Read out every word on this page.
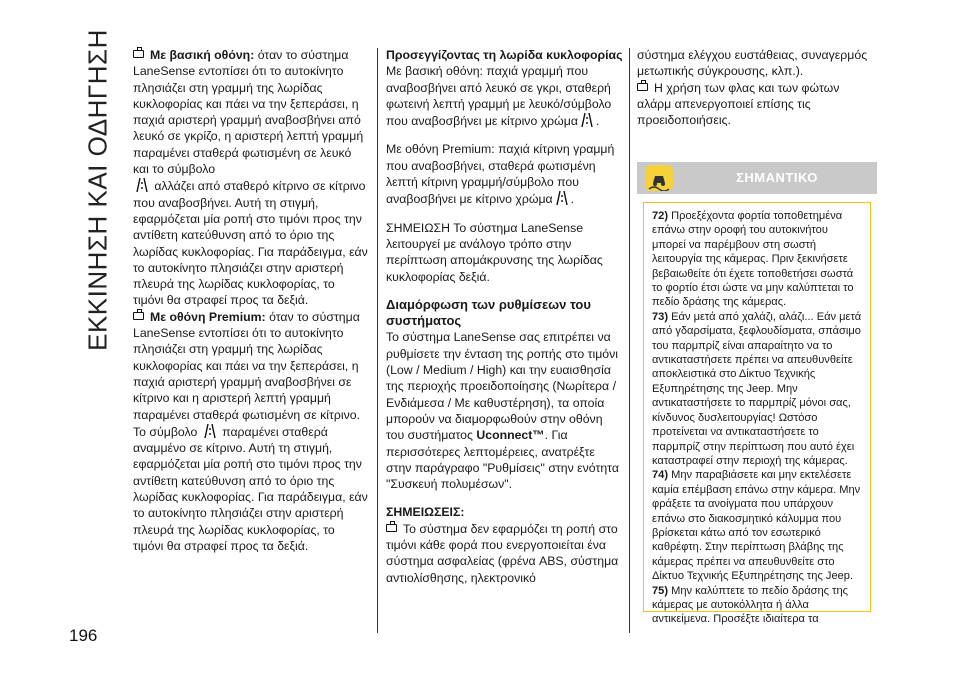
ΕΚΚΙΝΗΣΗ ΚΑΙ ΟΔΗΓΗΣΗ
196

Με βασική οθόνη: όταν το σύστημα LaneSense εντοπίσει ότι το αυτοκίνητο πλησιάζει στη γραμμή της λωρίδας κυκλοφορίας και πάει να την ξεπεράσει, η παχιά αριστερή γραμμή αναβοσβήνει από λευκό σε γκρίζο, η αριστερή λεπτή γραμμή παραμένει σταθερά φωτισμένη σε λευκό και το σύμβολο
αλλάζει από σταθερό κίτρινο σε κίτρινο που αναβοσβήνει. Αυτή τη στιγμή, εφαρμόζεται μία ροπή στο τιμόνι προς την αντίθετη κατεύθυνση από το όριο της λωρίδας κυκλοφορίας. Για παράδειγμα, εάν το αυτοκίνητο πλησιάζει στην αριστερή πλευρά της λωρίδας κυκλοφορίας, το τιμόνι θα στραφεί προς τα δεξιά.

Με οθόνη Premium: όταν το σύστημα LaneSense εντοπίσει ότι το αυτοκίνητο πλησιάζει στη γραμμή της λωρίδας κυκλοφορίας και πάει να την ξεπεράσει, η παχιά αριστερή γραμμή αναβοσβήνει σε κίτρινο και η αριστερή λεπτή γραμμή παραμένει σταθερά φωτισμένη σε κίτρινο. Το σύμβολο παραμένει σταθερά αναμμένο σε κίτρινο. Αυτή τη στιγμή, εφαρμόζεται μία ροπή στο τιμόνι προς την αντίθετη κατεύθυνση από το όριο της λωρίδας κυκλοφορίας. Για παράδειγμα, εάν το αυτοκίνητο πλησιάζει στην αριστερή πλευρά της λωρίδας κυκλοφορίας, το τιμόνι θα στραφεί προς τα δεξιά.

Προσεγγίζοντας τη λωρίδα κυκλοφορίας

Με βασική οθόνη: παχιά γραμμή που αναβοσβήνει από λευκό σε γκρι, σταθερή φωτεινή λεπτή γραμμή με λευκό/σύμβολο που αναβοσβήνει με κίτρινο χρώμα .

Με οθόνη Premium: παχιά κίτρινη γραμμή που αναβοσβήνει, σταθερά φωτισμένη λεπτή κίτρινη γραμμή/σύμβολο που αναβοσβήνει με κίτρινο χρώμα .

ΣΗΜΕΙΩΣΗ Το σύστημα LaneSense λειτουργεί με ανάλογο τρόπο στην περίπτωση απομάκρυνσης της λωρίδας κυκλοφορίας δεξιά.

Διαμόρφωση των ρυθμίσεων του συστήματος

Το σύστημα LaneSense σας επιτρέπει να ρυθμίσετε την ένταση της ροπής στο τιμόνι (Low / Medium / High) και την ευαισθησία της περιοχής προειδοποίησης (Νωρίτερα / Ενδιάμεσα / Με καθυστέρηση), τα οποία μπορούν να διαμορφωθούν στην οθόνη του συστήματος Uconnect™. Για περισσότερες λεπτομέρειες, ανατρέξτε στην παράγραφο "Ρυθμίσεις" στην ενότητα "Συσκευή πολυμέσων".

ΣΗΜΕΙΩΣΕΙΣ:

Το σύστημα δεν εφαρμόζει τη ροπή στο τιμόνι κάθε φορά που ενεργοποιείται ένα σύστημα ασφαλείας (φρένα ABS, σύστημα αντιολίσθησης, ηλεκτρονικό

σύστημα ελέγχου ευστάθειας, συναγερμός μετωπικής σύγκρουσης, κλπ.).

Η χρήση των φλας και των φώτων αλάρμ απενεργοποιεί επίσης τις προειδοποιήσεις.

ΣΗΜΑΝΤΙΚΟ

72) Προεξέχοντα φορτία τοποθετημένα επάνω στην οροφή του αυτοκινήτου μπορεί να παρέμβουν στη σωστή λειτουργία της κάμερας. Πριν ξεκινήσετε βεβαιωθείτε ότι έχετε τοποθετήσει σωστά το φορτίο έτσι ώστε να μην καλύπτεται το πεδίο δράσης της κάμερας.

73) Εάν μετά από χαλάζι, αλάζι... Εάν μετά από γδαρσίματα, ξεφλουδίσματα, σπάσιμο του παρμπρίζ είναι απαραίτητο να το αντικαταστήσετε πρέπει να απευθυνθείτε αποκλειστικά στο Δίκτυο Τεχνικής Εξυπηρέτησης της Jeep. Μην αντικαταστήσετε το παρμπρίζ μόνοι σας, κίνδυνος δυσλειτουργίας! Ωστόσο προτείνεται να αντικαταστήσετε το παρμπρίζ στην περίπτωση που αυτό έχει καταστραφεί στην περιοχή της κάμερας.

74) Μην παραβιάσετε και μην εκτελέσετε καμία επέμβαση επάνω στην κάμερα. Μην φράξετε τα ανοίγματα που υπάρχουν επάνω στο διακοσμητικό κάλυμμα που βρίσκεται κάτω από τον εσωτερικό καθρέφτη. Στην περίπτωση βλάβης της κάμερας πρέπει να απευθυνθείτε στο Δίκτυο Τεχνικής Εξυπηρέτησης της Jeep.

75) Μην καλύπτετε το πεδίο δράσης της κάμερας με αυτοκόλλητα ή άλλα αντικείμενα. Προσέξτε ιδιαίτερα τα
